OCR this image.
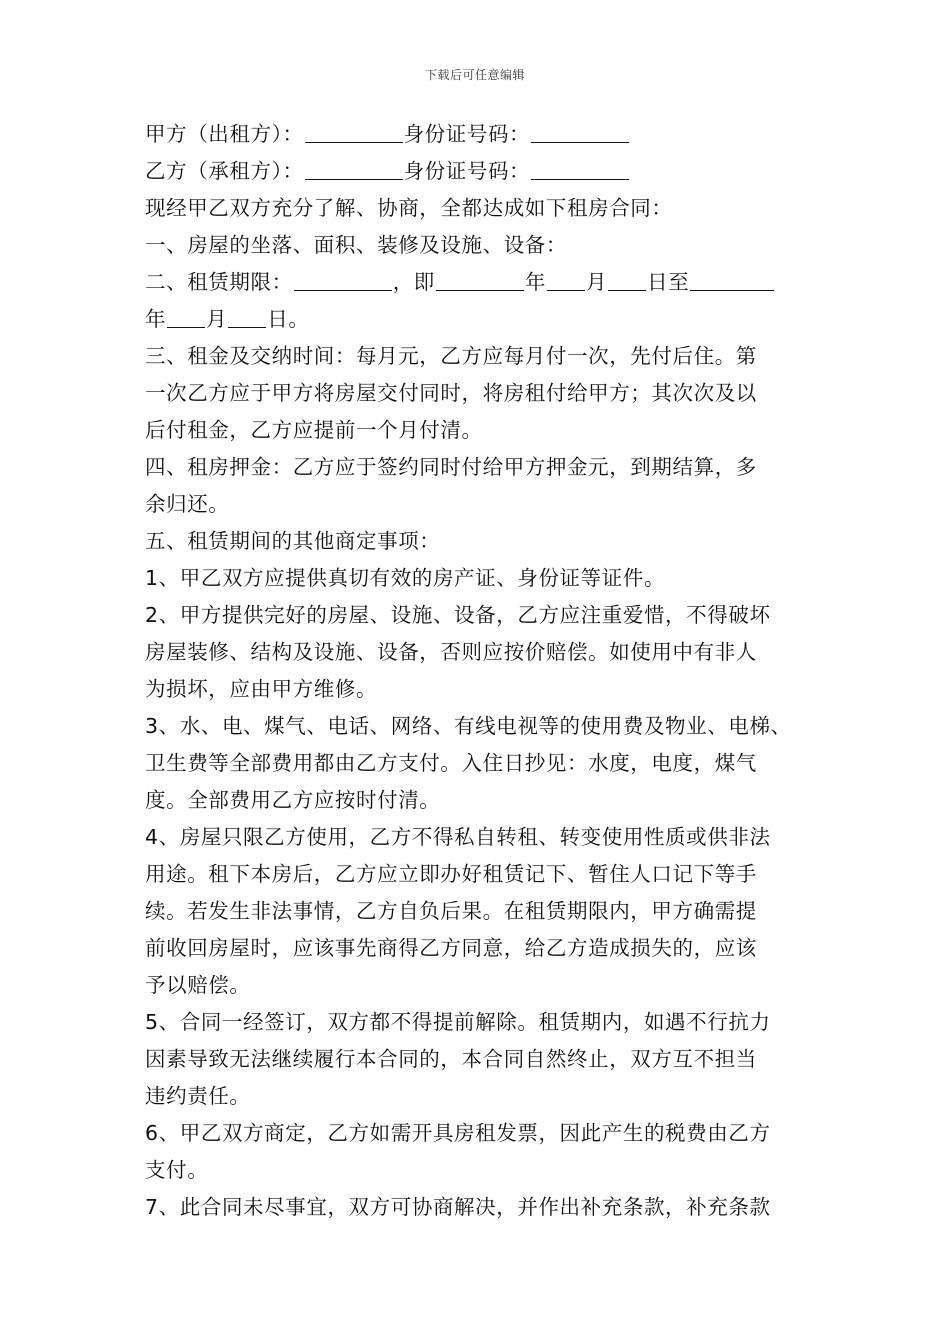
下载后可任意编辑
甲方（出租方）：	身份证号码：
乙方（承租方）：	身份证号码：
现经甲乙双方充分了解、协商，全都达成如下租房合同：
一、房屋的坐落、面积、装修及设施、设备：
二、租赁期限：	，即	年 月 日至
年 月 日。
三、租金及交纳时间：每月元，乙方应每月付一次，先付后住。第
一次乙方应于甲方将房屋交付同时，将房租付给甲方；其次次及以
后付租金，乙方应提前一个月付清。
四、租房押金：乙方应于签约同时付给甲方押金元，到期结算，多
余归还。
五、租赁期间的其他商定事项：
1、甲乙双方应提供真切有效的房产证、身份证等证件。
2、甲方提供完好的房屋、设施、设备，乙方应注重爱惜，不得破坏
房屋装修、结构及设施、设备，否则应按价赔偿。如使用中有非人
为损坏，应由甲方维修。
3、水、电、煤气、电话、网络、有线电视等的使用费及物业、电梯、
卫生费等全部费用都由乙方支付。入住日抄见：水度，电度，煤气
度。全部费用乙方应按时付清。
4、房屋只限乙方使用，乙方不得私自转租、转变使用性质或供非法
用途。租下本房后，乙方应立即办好租赁记下、暂住人口记下等手
续。若发生非法事情，乙方自负后果。在租赁期限内，甲方确需提
前收回房屋时，应该事先商得乙方同意，给乙方造成损失的，应该
予以赔偿。
5、合同一经签订，双方都不得提前解除。租赁期内，如遇不行抗力
因素导致无法继续履行本合同的，本合同自然终止，双方互不担当
违约责任。
6、甲乙双方商定，乙方如需开具房租发票，因此产生的税费由乙方
支付。
7、此合同未尽事宜，双方可协商解决，并作出补充条款，补充条款
